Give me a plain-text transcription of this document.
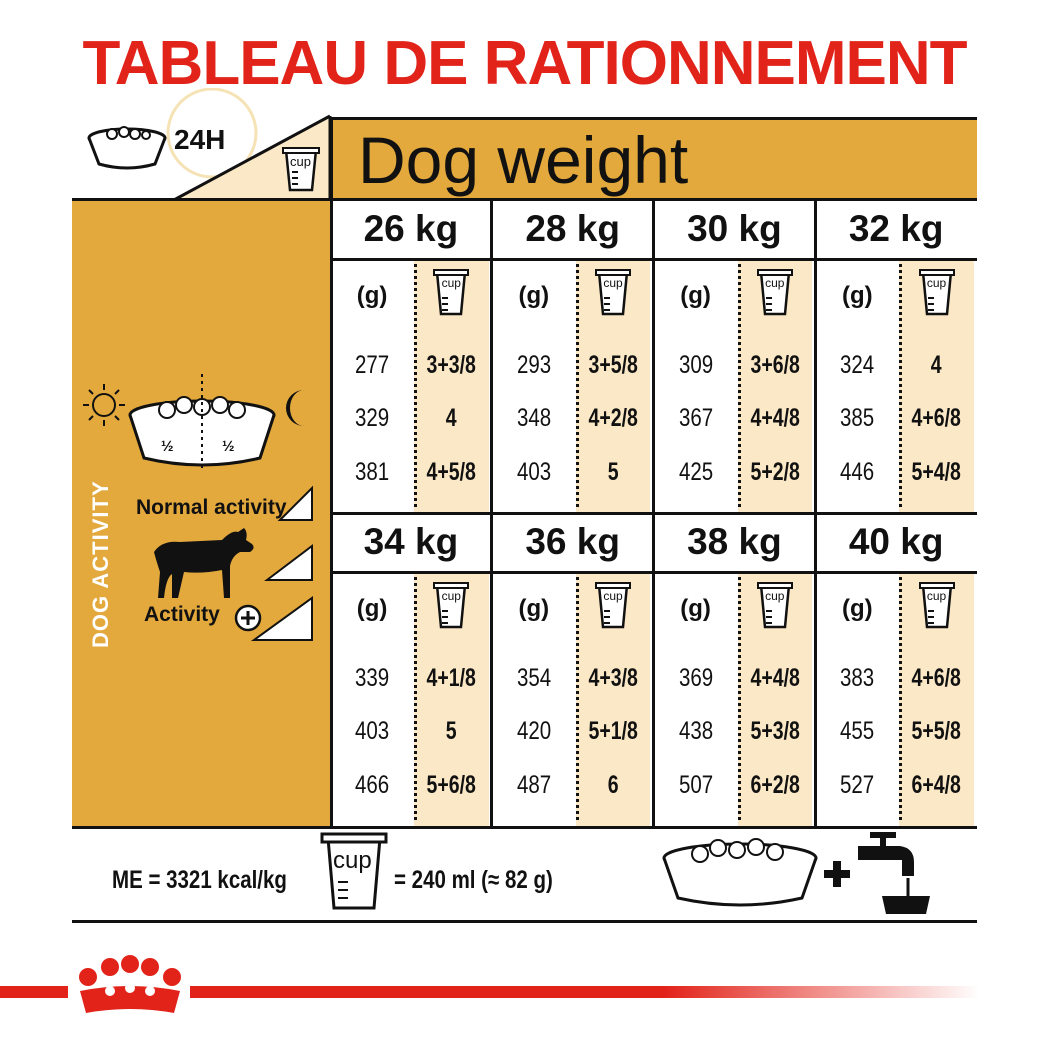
TABLEAU DE RATIONNEMENT
Dog weight
24H
cup
DOG ACTIVITY
½	½
Normal activity
Activity
26 kg
(g)	cup
277	3+3/8
329	4
381	4+5/8
28 kg
(g)	cup
293	3+5/8
348	4+2/8
403	5
30 kg
(g)	cup
309	3+6/8
367	4+4/8
425	5+2/8
32 kg
(g)	cup
324	4
385	4+6/8
446	5+4/8
34 kg
(g)	cup
339	4+1/8
403	5
466	5+6/8
36 kg
(g)	cup
354	4+3/8
420	5+1/8
487	6
38 kg
(g)	cup
369	4+4/8
438	5+3/8
507	6+2/8
40 kg
(g)	cup
383	4+6/8
455	5+5/8
527	6+4/8
ME = 3321 kcal/kg
cup
= 240 ml (≈ 82 g)
